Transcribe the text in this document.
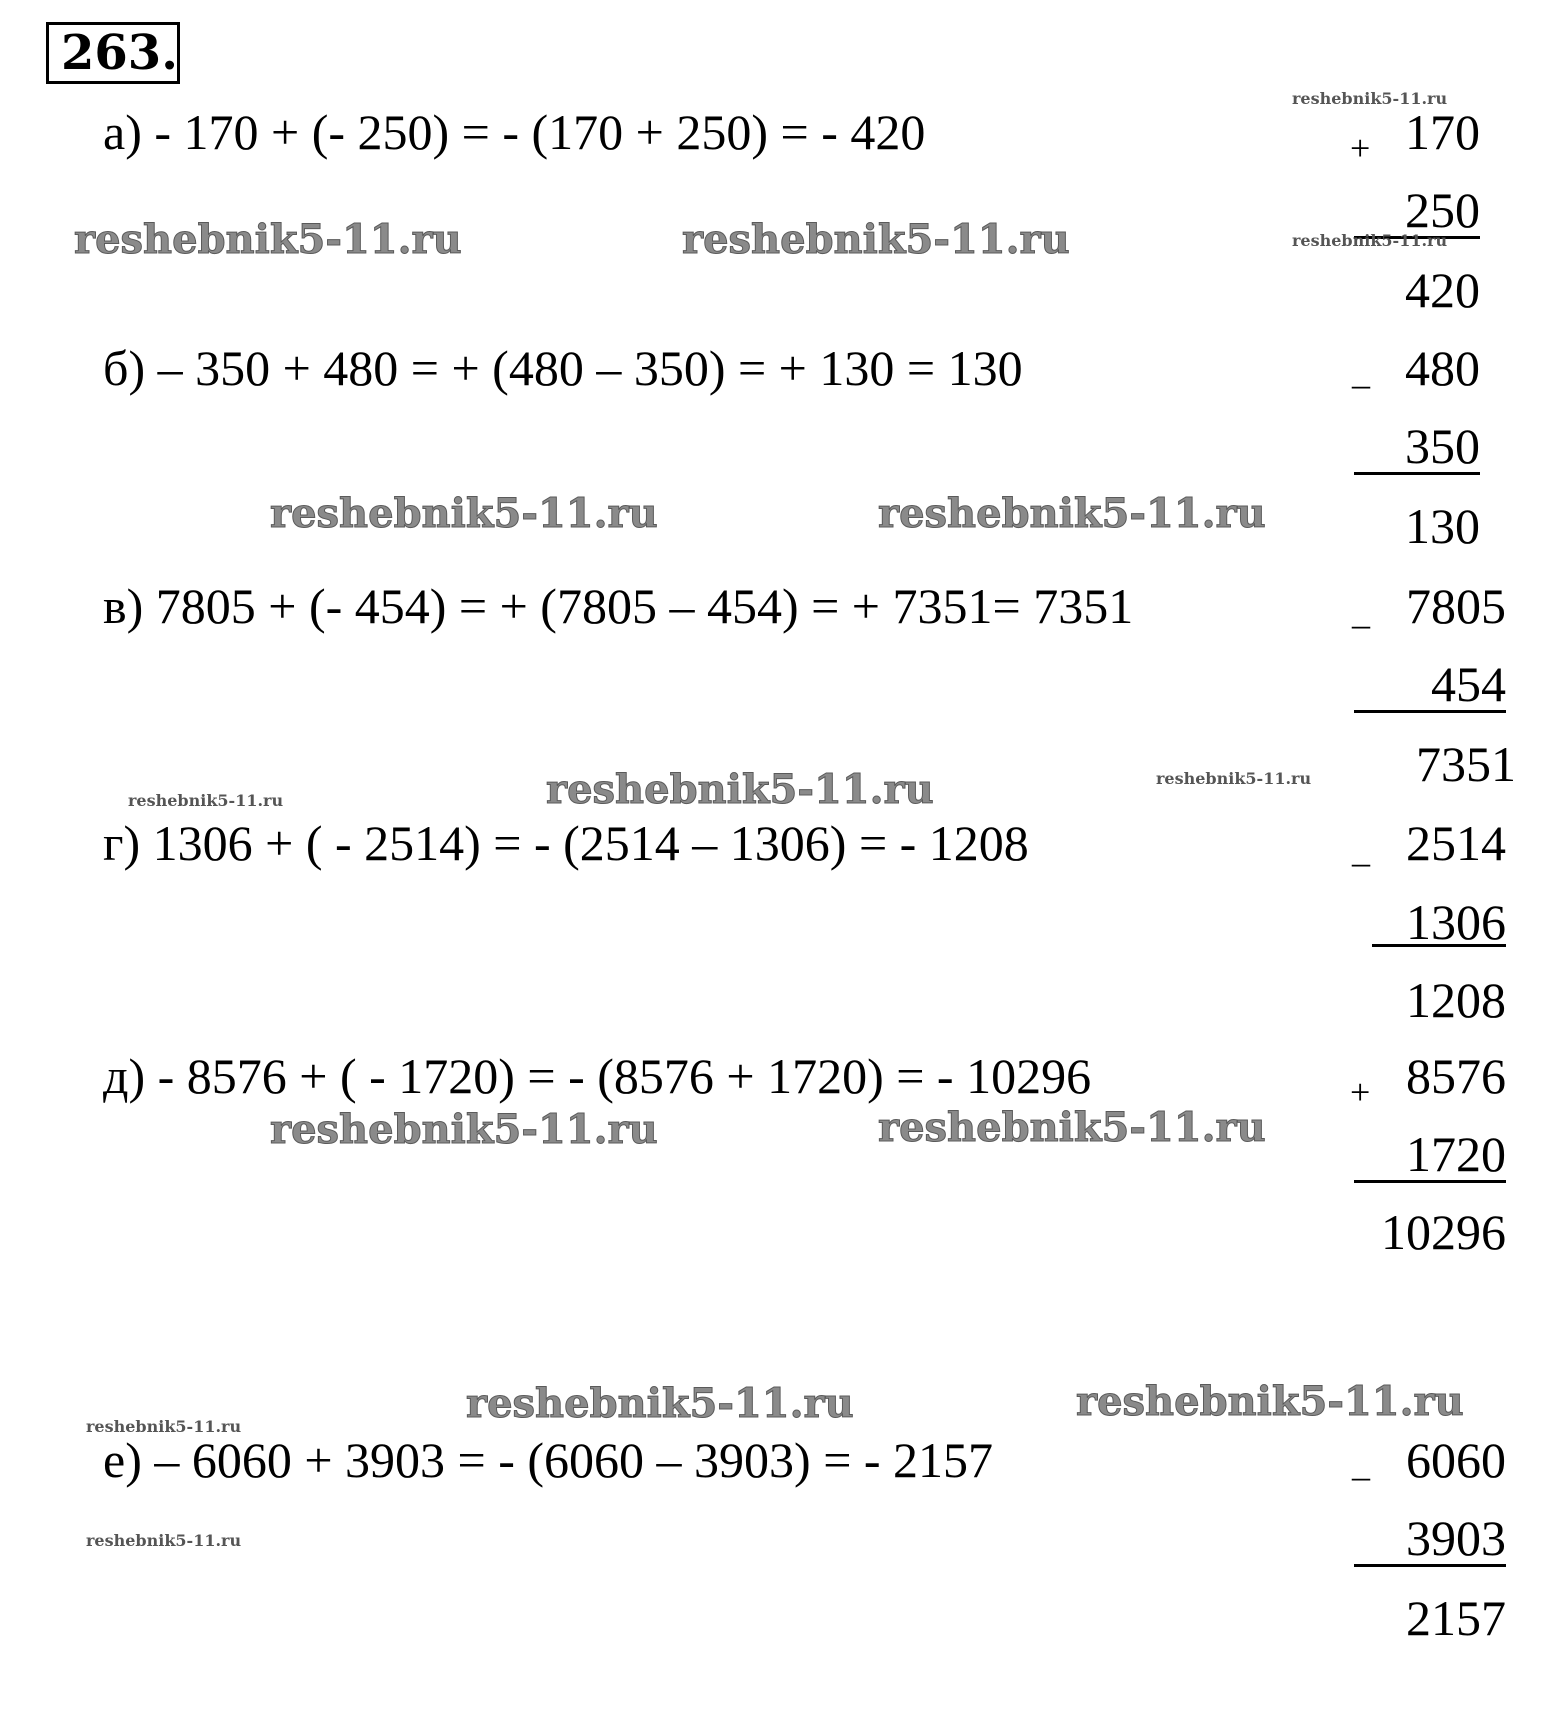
263.
а) - 170 + (- 250) = - (170 + 250) = - 420	+ 170
250
420
б) – 350 + 480 = + (480 – 350) = + 130 = 130	_ 480
350
130
в) 7805 + (- 454) = + (7805 – 454) = + 7351= 7351	_ 7805
454
7351
г) 1306 + ( - 2514) = - (2514 – 1306) = - 1208	_ 2514
1306
1208
д) - 8576 + ( - 1720) = - (8576 + 1720) = - 10296	+ 8576
1720
10296
е) – 6060 + 3903 = - (6060 – 3903) = - 2157	_ 6060
3903
2157
reshebnik5-11.ru
reshebnik5-11.ru	reshebnik5-11.ru	reshebnik5-11.ru
reshebnik5-11.ru	reshebnik5-11.ru
reshebnik5-11.ru	reshebnik5-11.ru	reshebnik5-11.ru
reshebnik5-11.ru	reshebnik5-11.ru
reshebnik5-11.ru	reshebnik5-11.ru
reshebnik5-11.ru
reshebnik5-11.ru
